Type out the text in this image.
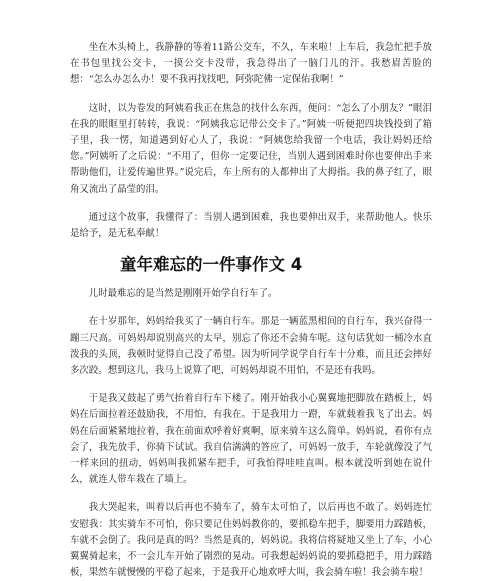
坐在木头椅上，我静静的等着11路公交车，不久，车来啦！上车后，我急忙把手放在书包里找公交卡，一摸公交卡没带，我急得出了一脑门儿的汗。我愁眉苦脸的想：“怎么办怎么办！要不我再找找吧，阿弥陀佛一定保佑我啊！”

这时，以为卷发的阿姨看我正在焦急的找什么东西，便问：“怎么了小朋友？”眼泪在我的眼眶里打转转，我说：“阿姨我忘记带公交卡了。”阿姨一听便把四块钱投到了箱子里，我一愣，知道遇到好心人了，我说：“阿姨您给我留一个电话，我让妈妈还给您。”阿姨听了之后说：“不用了，但你一定要记住，当别人遇到困难时你也要伸出手来帮助他们，让爱传遍世界。”说完后，车上所有的人都伸出了大拇指。我的鼻子红了，眼角又流出了晶莹的泪。

通过这个故事，我懂得了：当别人遇到困难，我也要伸出双手，来帮助他人。快乐是给予，是无私奉献！

童年难忘的一件事作文 4

儿时最难忘的是当然是刚刚开始学自行车了。

在十岁那年，妈妈给我买了一辆自行车。那是一辆蓝黑相间的自行车，我兴奋得一蹦三尺高。可妈妈却说別高兴的太早，别忘了你还不会骑车呢。这句话犹如一桶冷水直泼我的头顶，我顿时觉得自己没了希望。因为听同学说学自行车十分难，而且还会摔好多次跤。想到这儿，我马上说算了吧，可妈妈却说不用怕，不是还有我吗。

于是我又鼓起了勇气抬着自行车下楼了。刚开始我小心翼翼地把脚放在踏板上，妈妈在后面拉着还鼓励我，不用怕，有我在。于是我用力一蹬，车就载着我飞了出去。妈妈在后面紧紧地拉着，我在前面欢呼着好爽啊，原来骑车这么简单。妈妈说，看你有点会了，我先放手，你骑下试试。我自信满满的答应了，可妈妈一放手，车轮就像没了气一样来回的扭动，妈妈叫我抓紧车把手，可我怕得哇哇直叫。根本就没听到她在说什么，就连人带车栽在了墙上。

我大哭起来，叫着以后再也不骑车了，骑车太可怕了，以后再也不敢了。妈妈连忙安慰我：其实骑车不可怕，你只要记住妈妈教你的，要抓稳车把手，脚要用力踩踏板，车就不会倒了。我问是真的吗？当然是真的，妈妈说。我将信将疑地又坐上了车，小心翼翼骑起来，不一会儿车开始了剧烈的晃动。可我想起妈妈说的要抓稳把手，用力踩踏板，果然车就慢慢的平稳了起来，于是我开心地欢呼大叫，我会骑车啦！我会骑车啦！
